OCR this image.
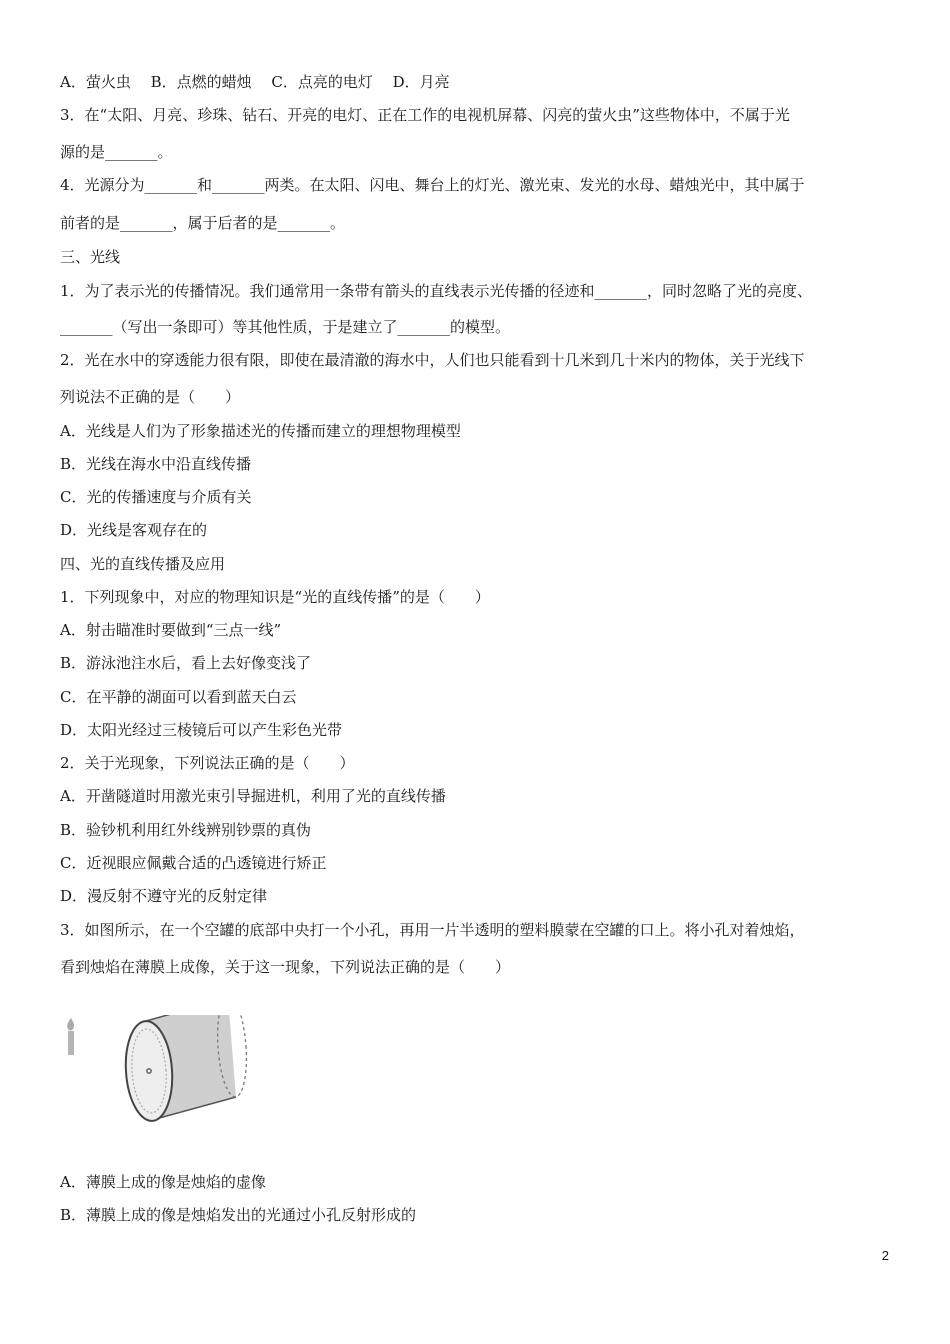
A．萤火虫　 B．点燃的蜡烛　 C．点亮的电灯　 D．月亮
3．在“太阳、月亮、珍珠、钻石、开亮的电灯、正在工作的电视机屏幕、闪亮的萤火虫”这些物体中，不属于光
源的是_______。
4．光源分为_______和_______两类。在太阳、闪电、舞台上的灯光、激光束、发光的水母、蜡烛光中，其中属于
前者的是_______，属于后者的是_______。
三、光线
1．为了表示光的传播情况。我们通常用一条带有箭头的直线表示光传播的径迹和_______，同时忽略了光的亮度、
_______（写出一条即可）等其他性质，于是建立了_______的模型。
2．光在水中的穿透能力很有限，即使在最清澈的海水中，人们也只能看到十几米到几十米内的物体，关于光线下
列说法不正确的是（　　）
A．光线是人们为了形象描述光的传播而建立的理想物理模型
B．光线在海水中沿直线传播
C．光的传播速度与介质有关
D．光线是客观存在的
四、光的直线传播及应用
1．下列现象中，对应的物理知识是“光的直线传播”的是（　　）
A．射击瞄准时要做到“三点一线”
B．游泳池注水后，看上去好像变浅了
C．在平静的湖面可以看到蓝天白云
D．太阳光经过三棱镜后可以产生彩色光带
2．关于光现象，下列说法正确的是（　　）
A．开凿隧道时用激光束引导掘进机，利用了光的直线传播
B．验钞机利用红外线辨别钞票的真伪
C．近视眼应佩戴合适的凸透镜进行矫正
D．漫反射不遵守光的反射定律
3．如图所示，在一个空罐的底部中央打一个小孔，再用一片半透明的塑料膜蒙在空罐的口上。将小孔对着烛焰，
看到烛焰在薄膜上成像，关于这一现象，下列说法正确的是（　　）
A．薄膜上成的像是烛焰的虚像
B．薄膜上成的像是烛焰发出的光通过小孔反射形成的
2
